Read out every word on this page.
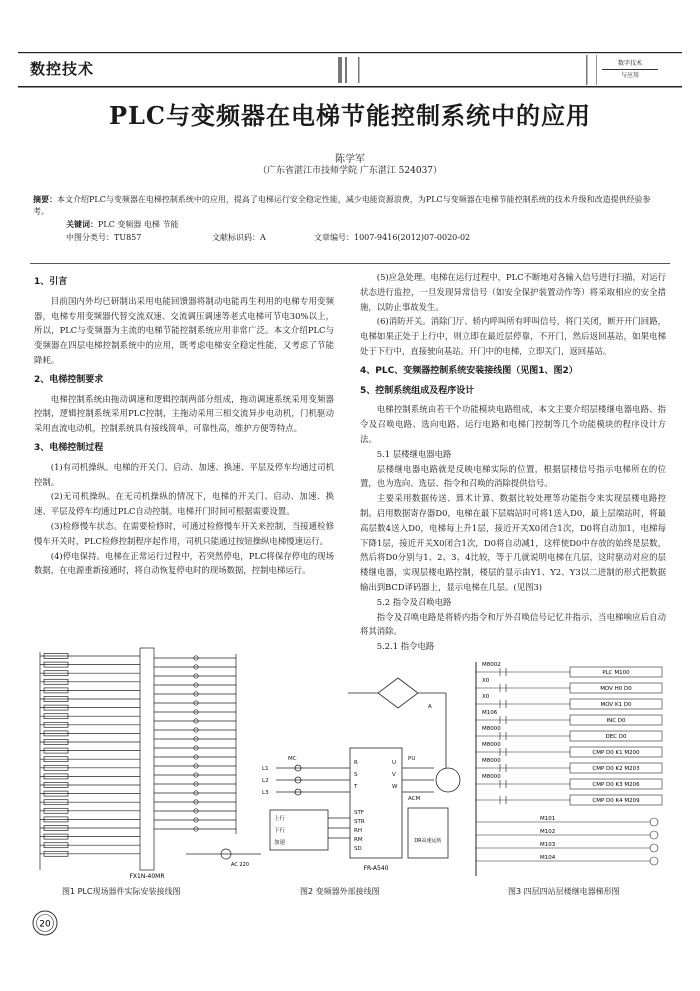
数控技术	数字技术
与应用
PLC与变频器在电梯节能控制系统中的应用
陈学军
（广东省湛江市技师学院 广东湛江 524037）
摘要：本文介绍PLC与变频器在电梯控制系统中的应用，提高了电梯运行安全稳定性能，减少电能资源浪费，为PLC与变频器在电梯节能控制系统的技术升级和改造提供经验参考。
关键词：PLC 变频器 电梯 节能
中图分类号：TU857	文献标识码：A	文章编号：1007-9416(2012)07-0020-02
1、引言

目前国内外均已研制出采用电能回馈器将制动电能再生利用的电梯专用变频器，电梯专用变频器代替交流双速、交流调压调速等老式电梯可节电30%以上，所以，PLC与变频器为主流的电梯节能控制系统应用非常广泛。本文介绍PLC与变频器在四层电梯控制系统中的应用，既考虑电梯安全稳定性能，又考虑了节能降耗。

2、电梯控制要求

电梯控制系统由拖动调速和逻辑控制两部分组成，拖动调速系统采用变频器控制，逻辑控制系统采用PLC控制，主拖动采用三相交流异步电动机，门机驱动采用直流电动机，控制系统具有接线简单，可靠性高，维护方便等特点。

3、电梯控制过程

(1)有司机操纵。电梯的开关门、启动、加速、换速、平层及停车均通过司机控制。

(2)无司机操纵。在无司机操纵的情况下，电梯的开关门、启动、加速、换速、平层及停车均通过PLC自动控制。电梯开门时间可根据需要设置。

(3)检修慢车状态。在需要检修时，可通过检修慢车开关来控制，当接通检修慢车开关时，PLC检修控制程序起作用，司机只能通过按钮操纵电梯慢速运行。

(4)停电保持。电梯在正常运行过程中，若突然停电，PLC将保存停电的现场数据，在电源重新接通时，将自动恢复停电时的现场数据，控制电梯运行。

(5)应急处理。电梯在运行过程中，PLC不断地对各输入信号进行扫描，对运行状态进行监控，一旦发现异常信号（如安全保护装置动作等）将采取相应的安全措施，以防止事故发生。

(6)消防开关。消除门厅、轿内呼叫所有呼叫信号，将门关闭，断开开门回路，电梯如果正处于上行中，则立即在最近层停靠，不开门，然后返回基站，如果电梯处于下行中，直接驶向基站。开门中的电梯，立即关门，返回基站。

4、PLC、变频器控制系统安装接线图（见图1、图2）
5、控制系统组成及程序设计

电梯控制系统由若干个功能模块电路组成，本文主要介绍层楼继电器电路、指令及召唤电路、选向电路、运行电路和电梯门控制等几个功能模块的程序设计方法。

5.1 层楼继电器电路

层楼继电器电路就是反映电梯实际的位置，根据层楼信号指示电梯所在的位置，也为选向、选层、指令和召唤的消除提供信号。

主要采用数据传送、算术计算、数据比较处理等功能指令来实现层楼电路控制。启用数据寄存器D0，电梯在最下层端站时可将1送入D0，最上层端站时，将最高层数4送入D0，电梯每上升1层，接近开关X0闭合1次，D0将自动加1，电梯每下降1层，接近开关X0闭合1次，D0将自动减1，这样使D0中存放的始终是层数，然后将D0分别与1、2、3、4比较，等于几就说明电梯在几层，这时驱动对应的层楼继电器，实现层楼电路控制，楼层的显示由Y1、Y2、Y3以二进制的形式把数据输出到BCD译码器上，显示电梯在几层。(见图3)

5.2 指令及召唤电路

指令及召唤电路是将轿内指令和厅外召唤信号记忆并指示，当电梯响应后自动将其消除。

5.2.1 指令电路

FX1N-40MR
AC 220
R
S
T
U
V
W
STF
STR
RH
RM
SD
L1
L2
L3
MC
上行
下行
PU
ACM
加速
A
FR-A540
DR高速运转
PLC M100
M8002
MOV H0 D0
X0
MOV K1 D0
X0
INC D0
M106
DEC D0
M8000
CMP D0 K1 M200
M8000
CMP D0 K2 M203
M8000
CMP D0 K3 M206
M8000
CMP D0 K4 M209
M101
M102
M103
M104
图1 PLC现场器件实际安装接线图	图2 变频器外部接线图	图3 四层四站层楼继电器梯形图
20
